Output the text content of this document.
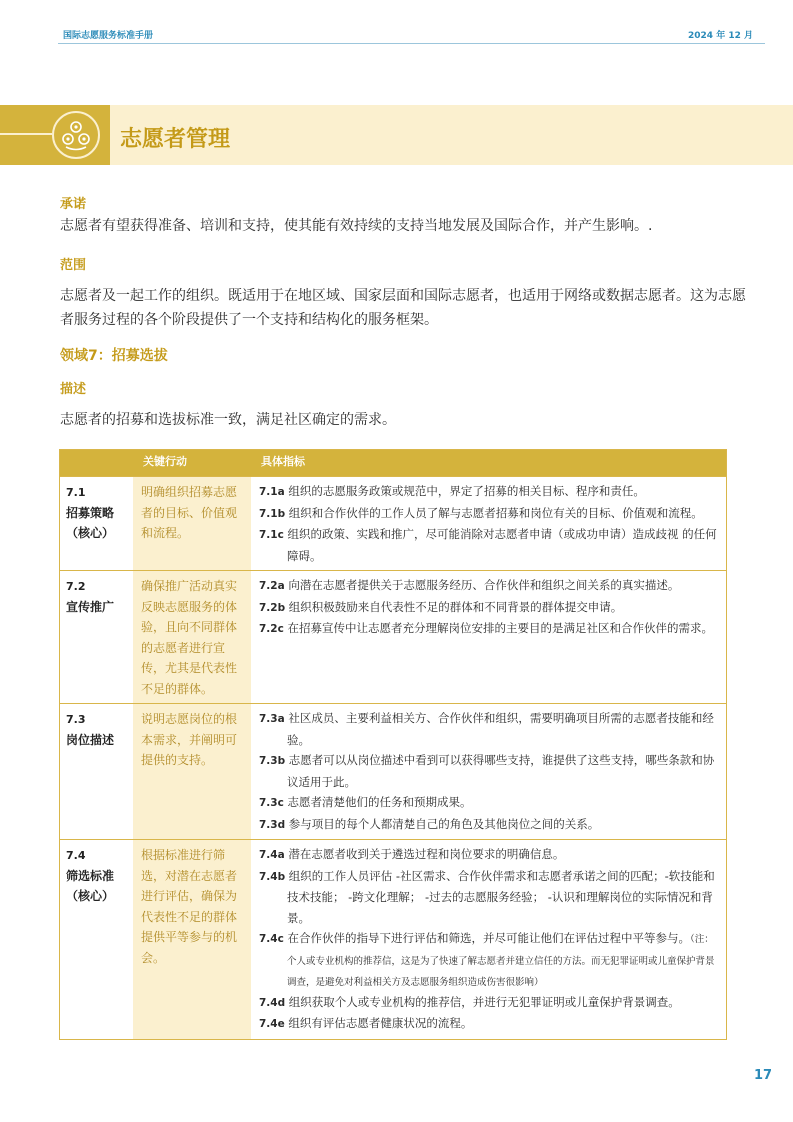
国际志愿服务标准手册	2024 年 12 月
志愿者管理
承诺
志愿者有望获得准备、培训和支持，使其能有效持续的支持当地发展及国际合作，并产生影响。.
范围
志愿者及一起工作的组织。既适用于在地区域、国家层面和国际志愿者，也适用于网络或数据志愿者。这为志愿者服务过程的各个阶段提供了一个支持和结构化的服务框架。
领域7：招募选拔
描述
志愿者的招募和选拔标准一致，满足社区确定的需求。
关键行动	具体指标
7.1
招募策略
（核心）
明确组织招募志愿者的目标、价值观和流程。
7.1a 组织的志愿服务政策或规范中，界定了招募的相关目标、程序和责任。
7.1b 组织和合作伙伴的工作人员了解与志愿者招募和岗位有关的目标、价值观和流程。
7.1c 组织的政策、实践和推广，尽可能消除对志愿者申请（或成功申请）造成歧视 的任何障碍。
7.2
宣传推广
确保推广活动真实反映志愿服务的体验，且向不同群体的志愿者进行宣传，尤其是代表性不足的群体。
7.2a 向潜在志愿者提供关于志愿服务经历、合作伙伴和组织之间关系的真实描述。
7.2b 组织积极鼓励来自代表性不足的群体和不同背景的群体提交申请。
7.2c 在招募宣传中让志愿者充分理解岗位安排的主要目的是满足社区和合作伙伴的需求。
7.3
岗位描述
说明志愿岗位的根本需求，并阐明可提供的支持。
7.3a 社区成员、主要利益相关方、合作伙伴和组织，需要明确项目所需的志愿者技能和经验。
7.3b 志愿者可以从岗位描述中看到可以获得哪些支持，谁提供了这些支持，哪些条款和协议适用于此。
7.3c 志愿者清楚他们的任务和预期成果。
7.3d 参与项目的每个人都清楚自己的角色及其他岗位之间的关系。
7.4
筛选标准
（核心）
根据标准进行筛选，对潜在志愿者进行评估，确保为代表性不足的群体提供平等参与的机会。
7.4a 潜在志愿者收到关于遴选过程和岗位要求的明确信息。
7.4b 组织的工作人员评估 -社区需求、合作伙伴需求和志愿者承诺之间的匹配；-软技能和技术技能； -跨文化理解； -过去的志愿服务经验； -认识和理解岗位的实际情况和背景。
7.4c 在合作伙伴的指导下进行评估和筛选，并尽可能让他们在评估过程中平等参与。（注：个人或专业机构的推荐信，这是为了快速了解志愿者并建立信任的方法。而无犯罪证明或儿童保护背景调查，是避免对利益相关方及志愿服务组织造成伤害很影响）
7.4d 组织获取个人或专业机构的推荐信，并进行无犯罪证明或儿童保护背景调查。
7.4e 组织有评估志愿者健康状况的流程。
17
